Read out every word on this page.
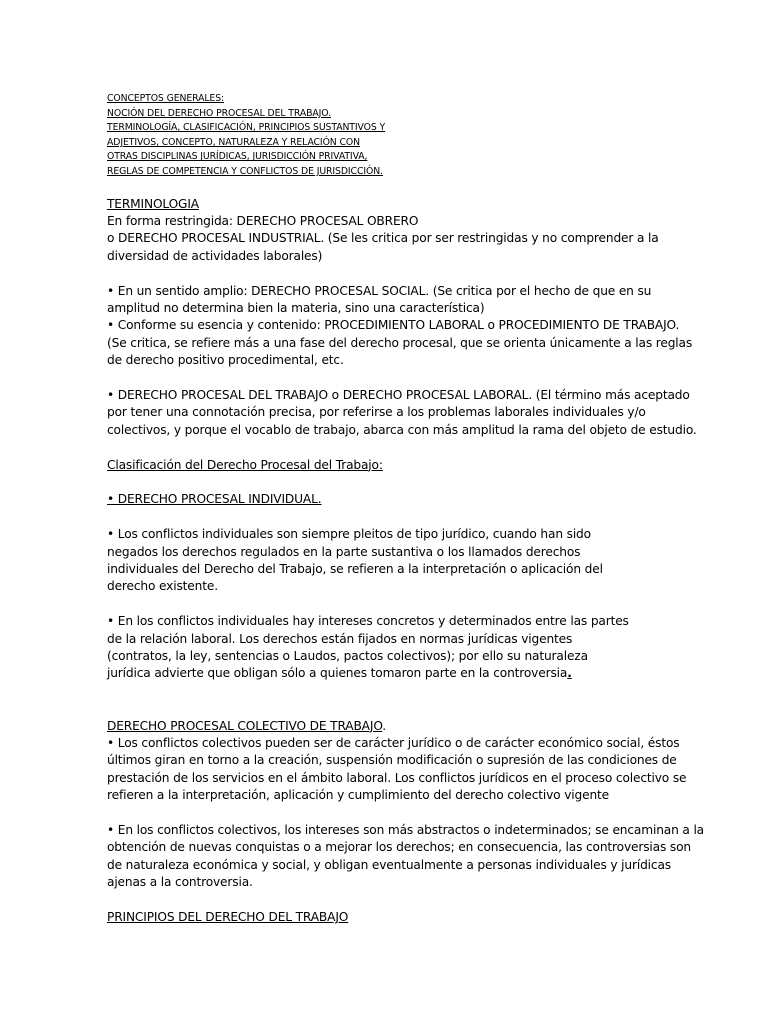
CONCEPTOS GENERALES:
NOCIÓN DEL DERECHO PROCESAL DEL TRABAJO.
TERMINOLOGÍA, CLASIFICACIÓN, PRINCIPIOS SUSTANTIVOS Y
ADJETIVOS, CONCEPTO, NATURALEZA Y RELACIÓN CON
OTRAS DISCIPLINAS JURÍDICAS, JURISDICCIÓN PRIVATIVA,
REGLAS DE COMPETENCIA Y CONFLICTOS DE JURISDICCIÓN.
TERMINOLOGIA
En forma restringida: DERECHO PROCESAL OBRERO
o DERECHO PROCESAL INDUSTRIAL. (Se les critica por ser restringidas y no comprender a la
diversidad de actividades laborales)
• En un sentido amplio: DERECHO PROCESAL SOCIAL. (Se critica por el hecho de que en su
amplitud no determina bien la materia, sino una característica)
• Conforme su esencia y contenido: PROCEDIMIENTO LABORAL o PROCEDIMIENTO DE TRABAJO.
(Se critica, se refiere más a una fase del derecho procesal, que se orienta únicamente a las reglas
de derecho positivo procedimental, etc.
• DERECHO PROCESAL DEL TRABAJO o DERECHO PROCESAL LABORAL. (El término más aceptado
por tener una connotación precisa, por referirse a los problemas laborales individuales y/o
colectivos, y porque el vocablo de trabajo, abarca con más amplitud la rama del objeto de estudio.
Clasificación del Derecho Procesal del Trabajo:
• DERECHO PROCESAL INDIVIDUAL.
• Los conflictos individuales son siempre pleitos de tipo jurídico, cuando han sido
negados los derechos regulados en la parte sustantiva o los llamados derechos
individuales del Derecho del Trabajo, se refieren a la interpretación o aplicación del
derecho existente.
• En los conflictos individuales hay intereses concretos y determinados entre las partes
de la relación laboral. Los derechos están fijados en normas jurídicas vigentes
(contratos, la ley, sentencias o Laudos, pactos colectivos); por ello su naturaleza
jurídica advierte que obligan sólo a quienes tomaron parte en la controversia.
DERECHO PROCESAL COLECTIVO DE TRABAJO.
• Los conflictos colectivos pueden ser de carácter jurídico o de carácter económico social, éstos
últimos giran en torno a la creación, suspensión modificación o supresión de las condiciones de
prestación de los servicios en el ámbito laboral. Los conflictos jurídicos en el proceso colectivo se
refieren a la interpretación, aplicación y cumplimiento del derecho colectivo vigente
• En los conflictos colectivos, los intereses son más abstractos o indeterminados; se encaminan a la
obtención de nuevas conquistas o a mejorar los derechos; en consecuencia, las controversias son
de naturaleza económica y social, y obligan eventualmente a personas individuales y jurídicas
ajenas a la controversia.
PRINCIPIOS DEL DERECHO DEL TRABAJO
